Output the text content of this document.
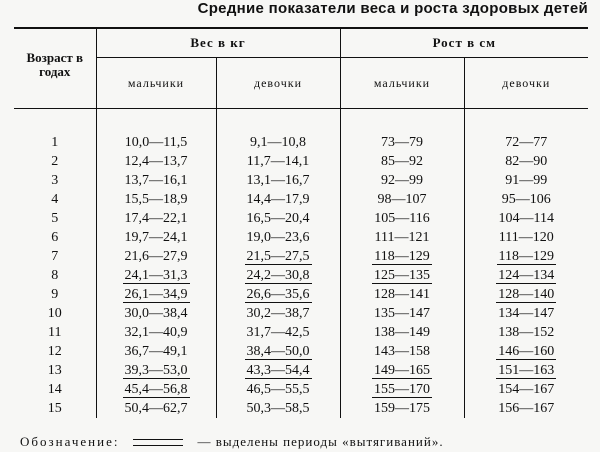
Средние показатели веса и роста здоровых детей
Возраст в годах	Вес в кг		Рост в см	
	мальчики	девочки	мальчики	девочки

1	10,0—11,5	9,1—10,8	73—79	72—77
2	12,4—13,7	11,7—14,1	85—92	82—90
3	13,7—16,1	13,1—16,7	92—99	91—99
4	15,5—18,9	14,4—17,9	98—107	95—106
5	17,4—22,1	16,5—20,4	105—116	104—114
6	19,7—24,1	19,0—23,6	111—121	111—120
7	21,6—27,9	21,5—27,5	118—129	118—129
8	24,1—31,3	24,2—30,8	125—135	124—134
9	26,1—34,9	26,6—35,6	128—141	128—140
10	30,0—38,4	30,2—38,7	135—147	134—147
11	32,1—40,9	31,7—42,5	138—149	138—152
12	36,7—49,1	38,4—50,0	143—158	146—160
13	39,3—53,0	43,3—54,4	149—165	151—163
14	45,4—56,8	46,5—55,5	155—170	154—167
15	50,4—62,7	50,3—58,5	159—175	156—167
Обозначение:	— выделены периоды «вытягиваний».
